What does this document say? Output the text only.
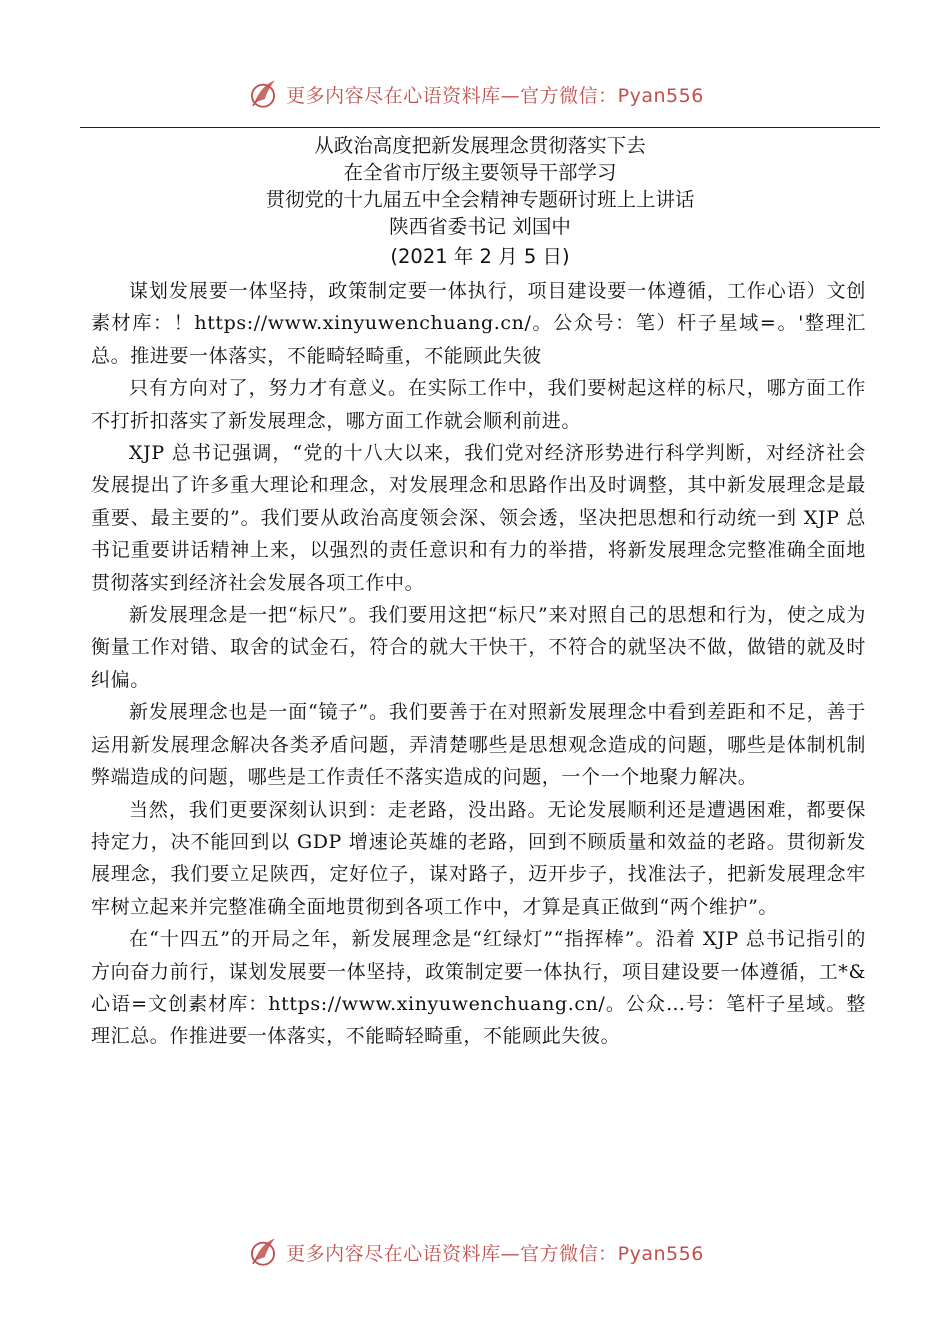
更多内容尽在心语资料库—官方微信：Pyan556
从政治高度把新发展理念贯彻落实下去
在全省市厅级主要领导干部学习
贯彻党的十九届五中全会精神专题研讨班上上讲话
陕西省委书记 刘国中
(2021 年 2 月 5 日)

谋划发展要一体坚持，政策制定要一体执行，项目建设要一体遵循，工作心语）文创素材库：！https://www.xinyuwenchuang.cn/。公众号：笔）杆子星域=。'整理汇总。推进要一体落实，不能畸轻畸重，不能顾此失彼

只有方向对了，努力才有意义。在实际工作中，我们要树起这样的标尺，哪方面工作不打折扣落实了新发展理念，哪方面工作就会顺利前进。

XJP 总书记强调，“党的十八大以来，我们党对经济形势进行科学判断，对经济社会发展提出了许多重大理论和理念，对发展理念和思路作出及时调整，其中新发展理念是最重要、最主要的”。我们要从政治高度领会深、领会透，坚决把思想和行动统一到 XJP 总书记重要讲话精神上来，以强烈的责任意识和有力的举措，将新发展理念完整准确全面地贯彻落实到经济社会发展各项工作中。

新发展理念是一把“标尺”。我们要用这把“标尺”来对照自己的思想和行为，使之成为衡量工作对错、取舍的试金石，符合的就大干快干，不符合的就坚决不做，做错的就及时纠偏。

新发展理念也是一面“镜子”。我们要善于在对照新发展理念中看到差距和不足，善于运用新发展理念解决各类矛盾问题，弄清楚哪些是思想观念造成的问题，哪些是体制机制弊端造成的问题，哪些是工作责任不落实造成的问题，一个一个地聚力解决。

当然，我们更要深刻认识到：走老路，没出路。无论发展顺利还是遭遇困难，都要保持定力，决不能回到以 GDP 增速论英雄的老路，回到不顾质量和效益的老路。贯彻新发展理念，我们要立足陕西，定好位子，谋对路子，迈开步子，找准法子，把新发展理念牢牢树立起来并完整准确全面地贯彻到各项工作中，才算是真正做到“两个维护”。

在“十四五”的开局之年，新发展理念是“红绿灯”“指挥棒”。沿着 XJP 总书记指引的方向奋力前行，谋划发展要一体坚持，政策制定要一体执行，项目建设要一体遵循，工*&心语=文创素材库：https://www.xinyuwenchuang.cn/。公众…号：笔杆子星域。整理汇总。作推进要一体落实，不能畸轻畸重，不能顾此失彼。

更多内容尽在心语资料库—官方微信：Pyan556
